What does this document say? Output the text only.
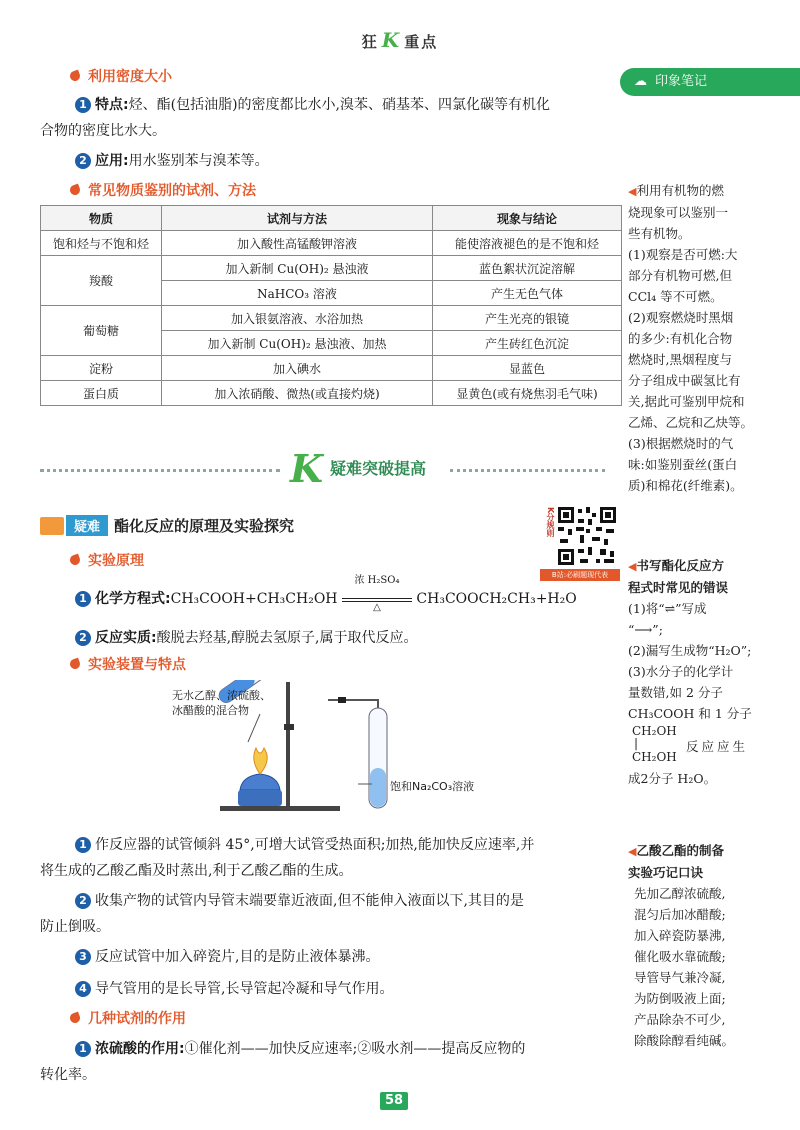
狂 K 重点
☁ 印象笔记
利用密度大小
1 特点:烃、酯(包括油脂)的密度都比水小,溴苯、硝基苯、四氯化碳等有机化
合物的密度比水大。
2 应用:用水鉴别苯与溴苯等。
常见物质鉴别的试剂、方法
物质	试剂与方法	现象与结论
饱和烃与不饱和烃	加入酸性高锰酸钾溶液	能使溶液褪色的是不饱和烃
羧酸	加入新制 Cu(OH)₂ 悬浊液	蓝色絮状沉淀溶解
	NaHCO₃ 溶液	产生无色气体
葡萄糖	加入银氨溶液、水浴加热	产生光亮的银镜
	加入新制 Cu(OH)₂ 悬浊液、加热	产生砖红色沉淀
淀粉	加入碘水	显蓝色
蛋白质	加入浓硝酸、微热(或直接灼烧)	显黄色(或有烧焦羽毛气味)
K 疑难突破提高
疑难 酯化反应的原理及实验探究	K分规则
B站:必刷题现代表
实验原理
1 化学方程式:CH₃COOH+CH₃CH₂OH
浓 H₂SO₄
△
CH₃COOCH₂CH₃+H₂O
2 反应实质:酸脱去羟基,醇脱去氢原子,属于取代反应。
实验装置与特点
无水乙醇、浓硫酸、
冰醋酸的混合物
饱和Na₂CO₃溶液
1 作反应器的试管倾斜 45°,可增大试管受热面积;加热,能加快反应速率,并
将生成的乙酸乙酯及时蒸出,利于乙酸乙酯的生成。
2 收集产物的试管内导管末端要靠近液面,但不能伸入液面以下,其目的是
防止倒吸。
3 反应试管中加入碎瓷片,目的是防止液体暴沸。
4 导气管用的是长导管,长导管起冷凝和导气作用。
几种试剂的作用
1 浓硫酸的作用:①催化剂——加快反应速率;②吸水剂——提高反应物的
转化率。
◀利用有机物的燃
烧现象可以鉴别一
些有机物。
(1)观察是否可燃:大
部分有机物可燃,但
CCl₄ 等不可燃。
(2)观察燃烧时黑烟
的多少:有机化合物
燃烧时,黑烟程度与
分子组成中碳氢比有
关,据此可鉴别甲烷和
乙烯、乙烷和乙炔等。
(3)根据燃烧时的气
味:如鉴别蚕丝(蛋白
质)和棉花(纤维素)。
◀书写酯化反应方
程式时常见的错误
(1)将“⇌”写成
“⟶”;
(2)漏写生成物“H₂O”;
(3)水分子的化学计
量数错,如 2 分子
CH₃COOH 和 1 分子
CH₂OH
|
CH₂OH
反应应生
成2分子 H₂O。
◀乙酸乙酯的制备
实验巧记口诀
先加乙醇浓硫酸,
混匀后加冰醋酸;
加入碎瓷防暴沸,
催化吸水靠硫酸;
导管导气兼冷凝,
为防倒吸液上面;
产品除杂不可少,
除酸除醇看纯碱。
58
